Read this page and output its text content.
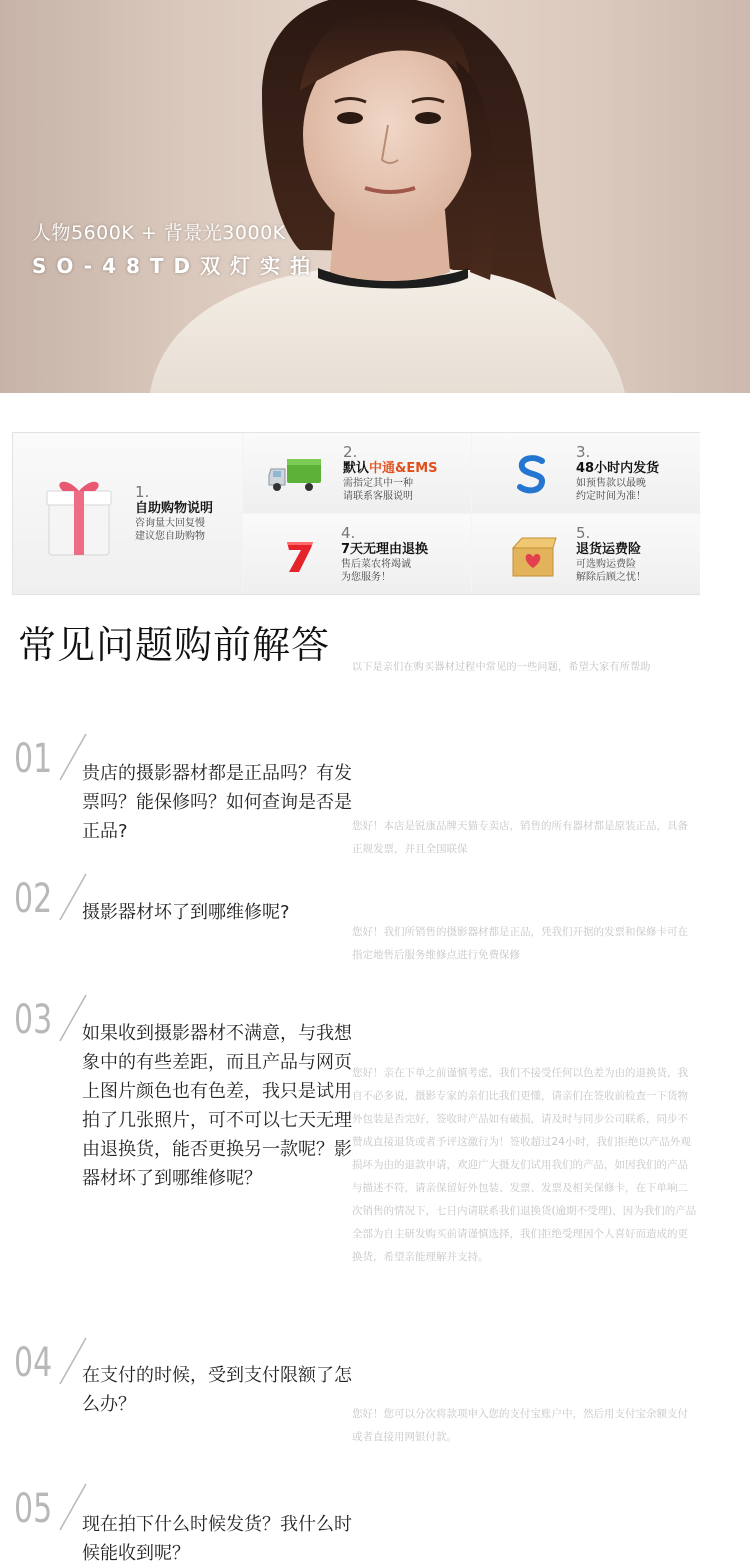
人物5600K + 背景光3000K
SO-48TD双灯实拍
1.
自助购物说明
咨询量大回复慢
建议您自助购物
2.
默认中通&EMS
需指定其中一种
请联系客服说明
3.
48小时内发货
如预售款以最晚
约定时间为准！
4.
7天无理由退换
售后菜农将竭诚
为您服务！
5.
退货运费险
可选购运费险
解除后顾之忧！
常见问题购前解答
以下是亲们在购买器材过程中常见的一些问题，希望大家有所帮助
01	贵店的摄影器材都是正品吗？有发票吗？能保修吗？如何查询是否是正品?	您好！本店是锐康品牌天猫专卖店，销售的所有器材都是原装正品，具备正规发票，并且全国联保
02	摄影器材坏了到哪维修呢?
您好！我们所销售的摄影器材都是正品，凭我们开据的发票和保修卡可在指定地售后服务维修点进行免费保修
03	如果收到摄影器材不满意，与我想象中的有些差距，而且产品与网页上图片颜色也有色差，我只是试用拍了几张照片，可不可以七天无理由退换货，能否更换另一款呢？影器材坏了到哪维修呢？
您好！亲在下单之前谨慎考虑，我们不接受任何以色差为由的退换货，我自不必多说，摄影专家的亲们比我们更懂，请亲们在签收前检查一下货物外包装是否完好，签收时产品如有破损，请及时与同步公司联系，同步不赞成直接退货或者予评这激行为！签收超过24小时，我们拒绝以产品外观损坏为由的退款申请，欢迎广大摄友们试用我们的产品，如因我们的产品与描述不符，请亲保留好外包装、发票、发票及相关保修卡，在下单响二次销售的情况下，七日内请联系我们退换货(逾期不受理)，因为我们的产品全部为自主研发购买前请谨慎选择，我们拒绝受理因个人喜好而造成的更换货，希望亲能理解并支持。
04	在支付的时候，受到支付限额了怎么办？	您好！您可以分次将款项申入您的支付宝账户中，然后用支付宝余额支付或者直接用网银付款。
05	现在拍下什么时候发货？我什么时候能收到呢？
